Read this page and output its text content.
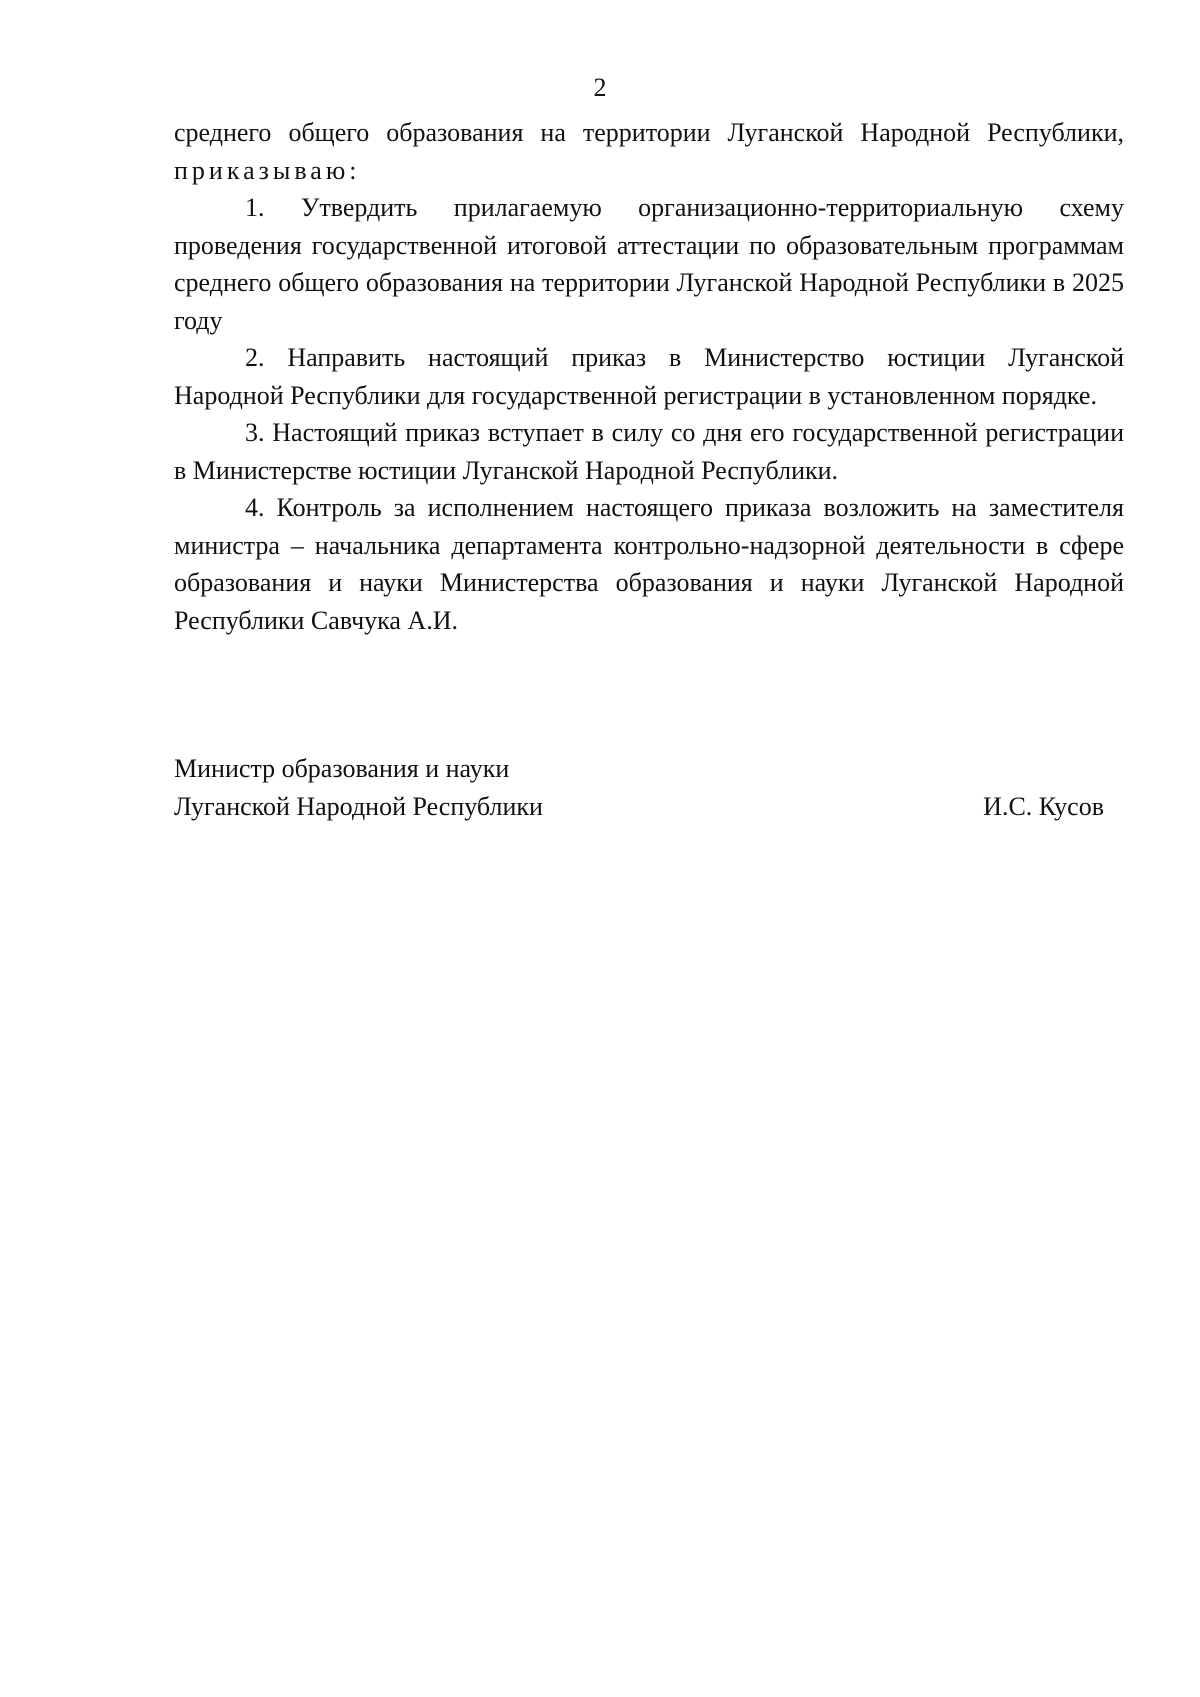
2

среднего общего образования на территории Луганской Народной Республики, приказываю:

1. Утвердить прилагаемую организационно-территориальную схему проведения государственной итоговой аттестации по образовательным программам среднего общего образования на территории Луганской Народной Республики в 2025 году

2. Направить настоящий приказ в Министерство юстиции Луганской Народной Республики для государственной регистрации в установленном порядке.

3. Настоящий приказ вступает в силу со дня его государственной регистрации в Министерстве юстиции Луганской Народной Республики.

4. Контроль за исполнением настоящего приказа возложить на заместителя министра – начальника департамента контрольно-надзорной деятельности в сфере образования и науки Министерства образования и науки Луганской Народной Республики Савчука А.И.

Министр образования и науки
Луганской Народной Республики	И.С. Кусов
